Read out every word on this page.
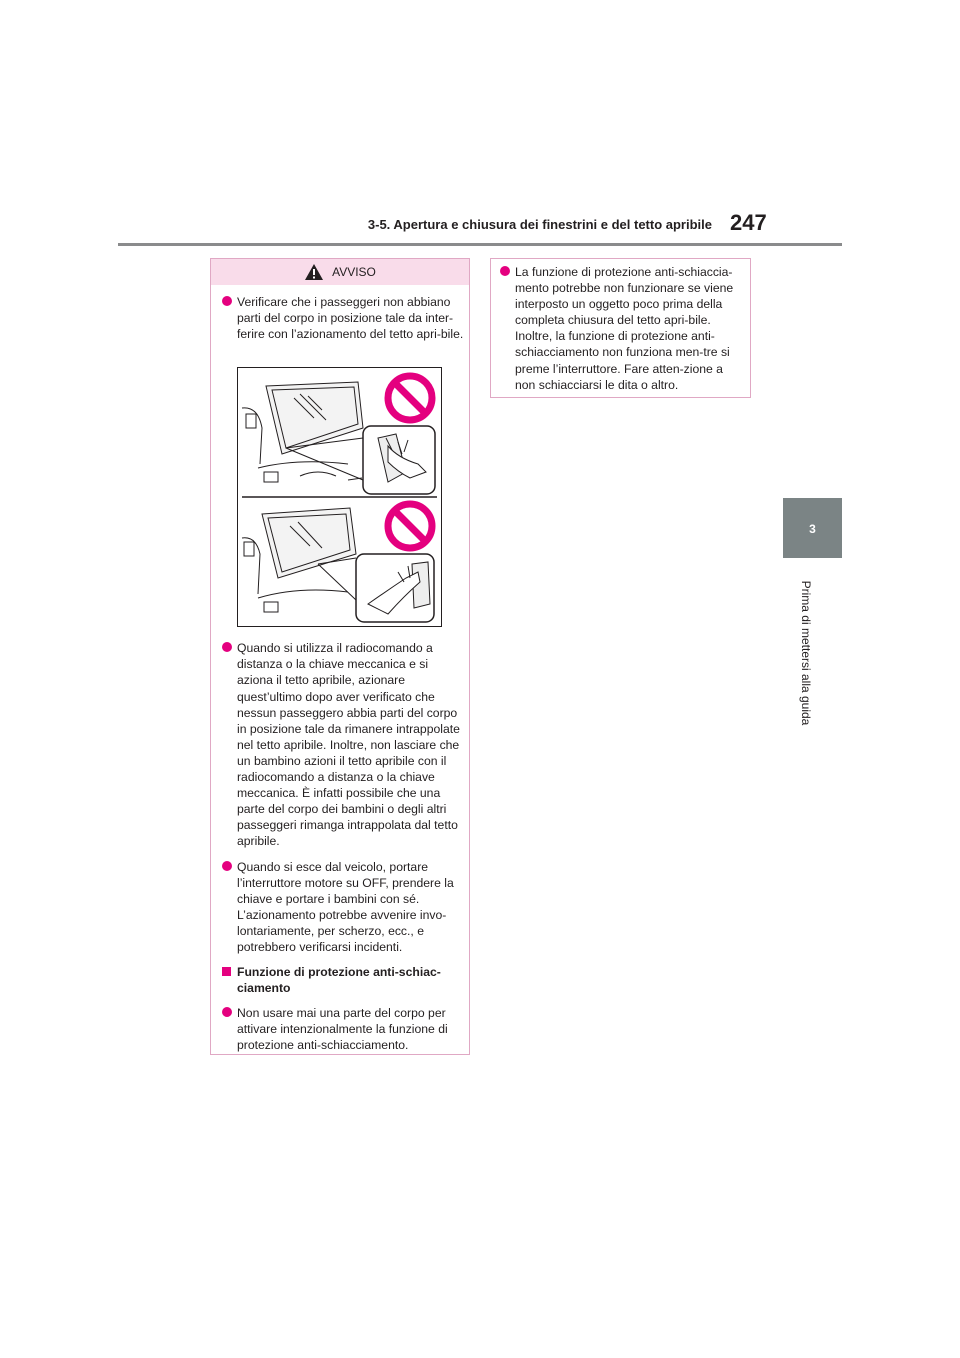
3-5. Apertura e chiusura dei finestrini e del tetto apribile 247
3
Prima di mettersi alla guida
AVVISO
Verificare che i passeggeri non abbiano parti del corpo in posizione tale da inter-ferire con l’azionamento del tetto apri-bile.
Quando si utilizza il radiocomando a distanza o la chiave meccanica e si aziona il tetto apribile, azionare quest’ultimo dopo aver verificato che nessun passeggero abbia parti del corpo in posizione tale da rimanere intrappolate nel tetto apribile. Inoltre, non lasciare che un bambino azioni il tetto apribile con il radiocomando a distanza o la chiave meccanica. È infatti possibile che una parte del corpo dei bambini o degli altri passeggeri rimanga intrappolata dal tetto apribile.
Quando si esce dal veicolo, portare l’interruttore motore su OFF, prendere la chiave e portare i bambini con sé. L’azionamento potrebbe avvenire invo-lontariamente, per scherzo, ecc., e potrebbero verificarsi incidenti.
Funzione di protezione anti-schiac-ciamento
Non usare mai una parte del corpo per attivare intenzionalmente la funzione di protezione anti-schiacciamento.
La funzione di protezione anti-schiaccia-mento potrebbe non funzionare se viene interposto un oggetto poco prima della completa chiusura del tetto apri-bile. Inoltre, la funzione di protezione anti-schiacciamento non funziona men-tre si preme l’interruttore. Fare atten-zione a non schiacciarsi le dita o altro.
